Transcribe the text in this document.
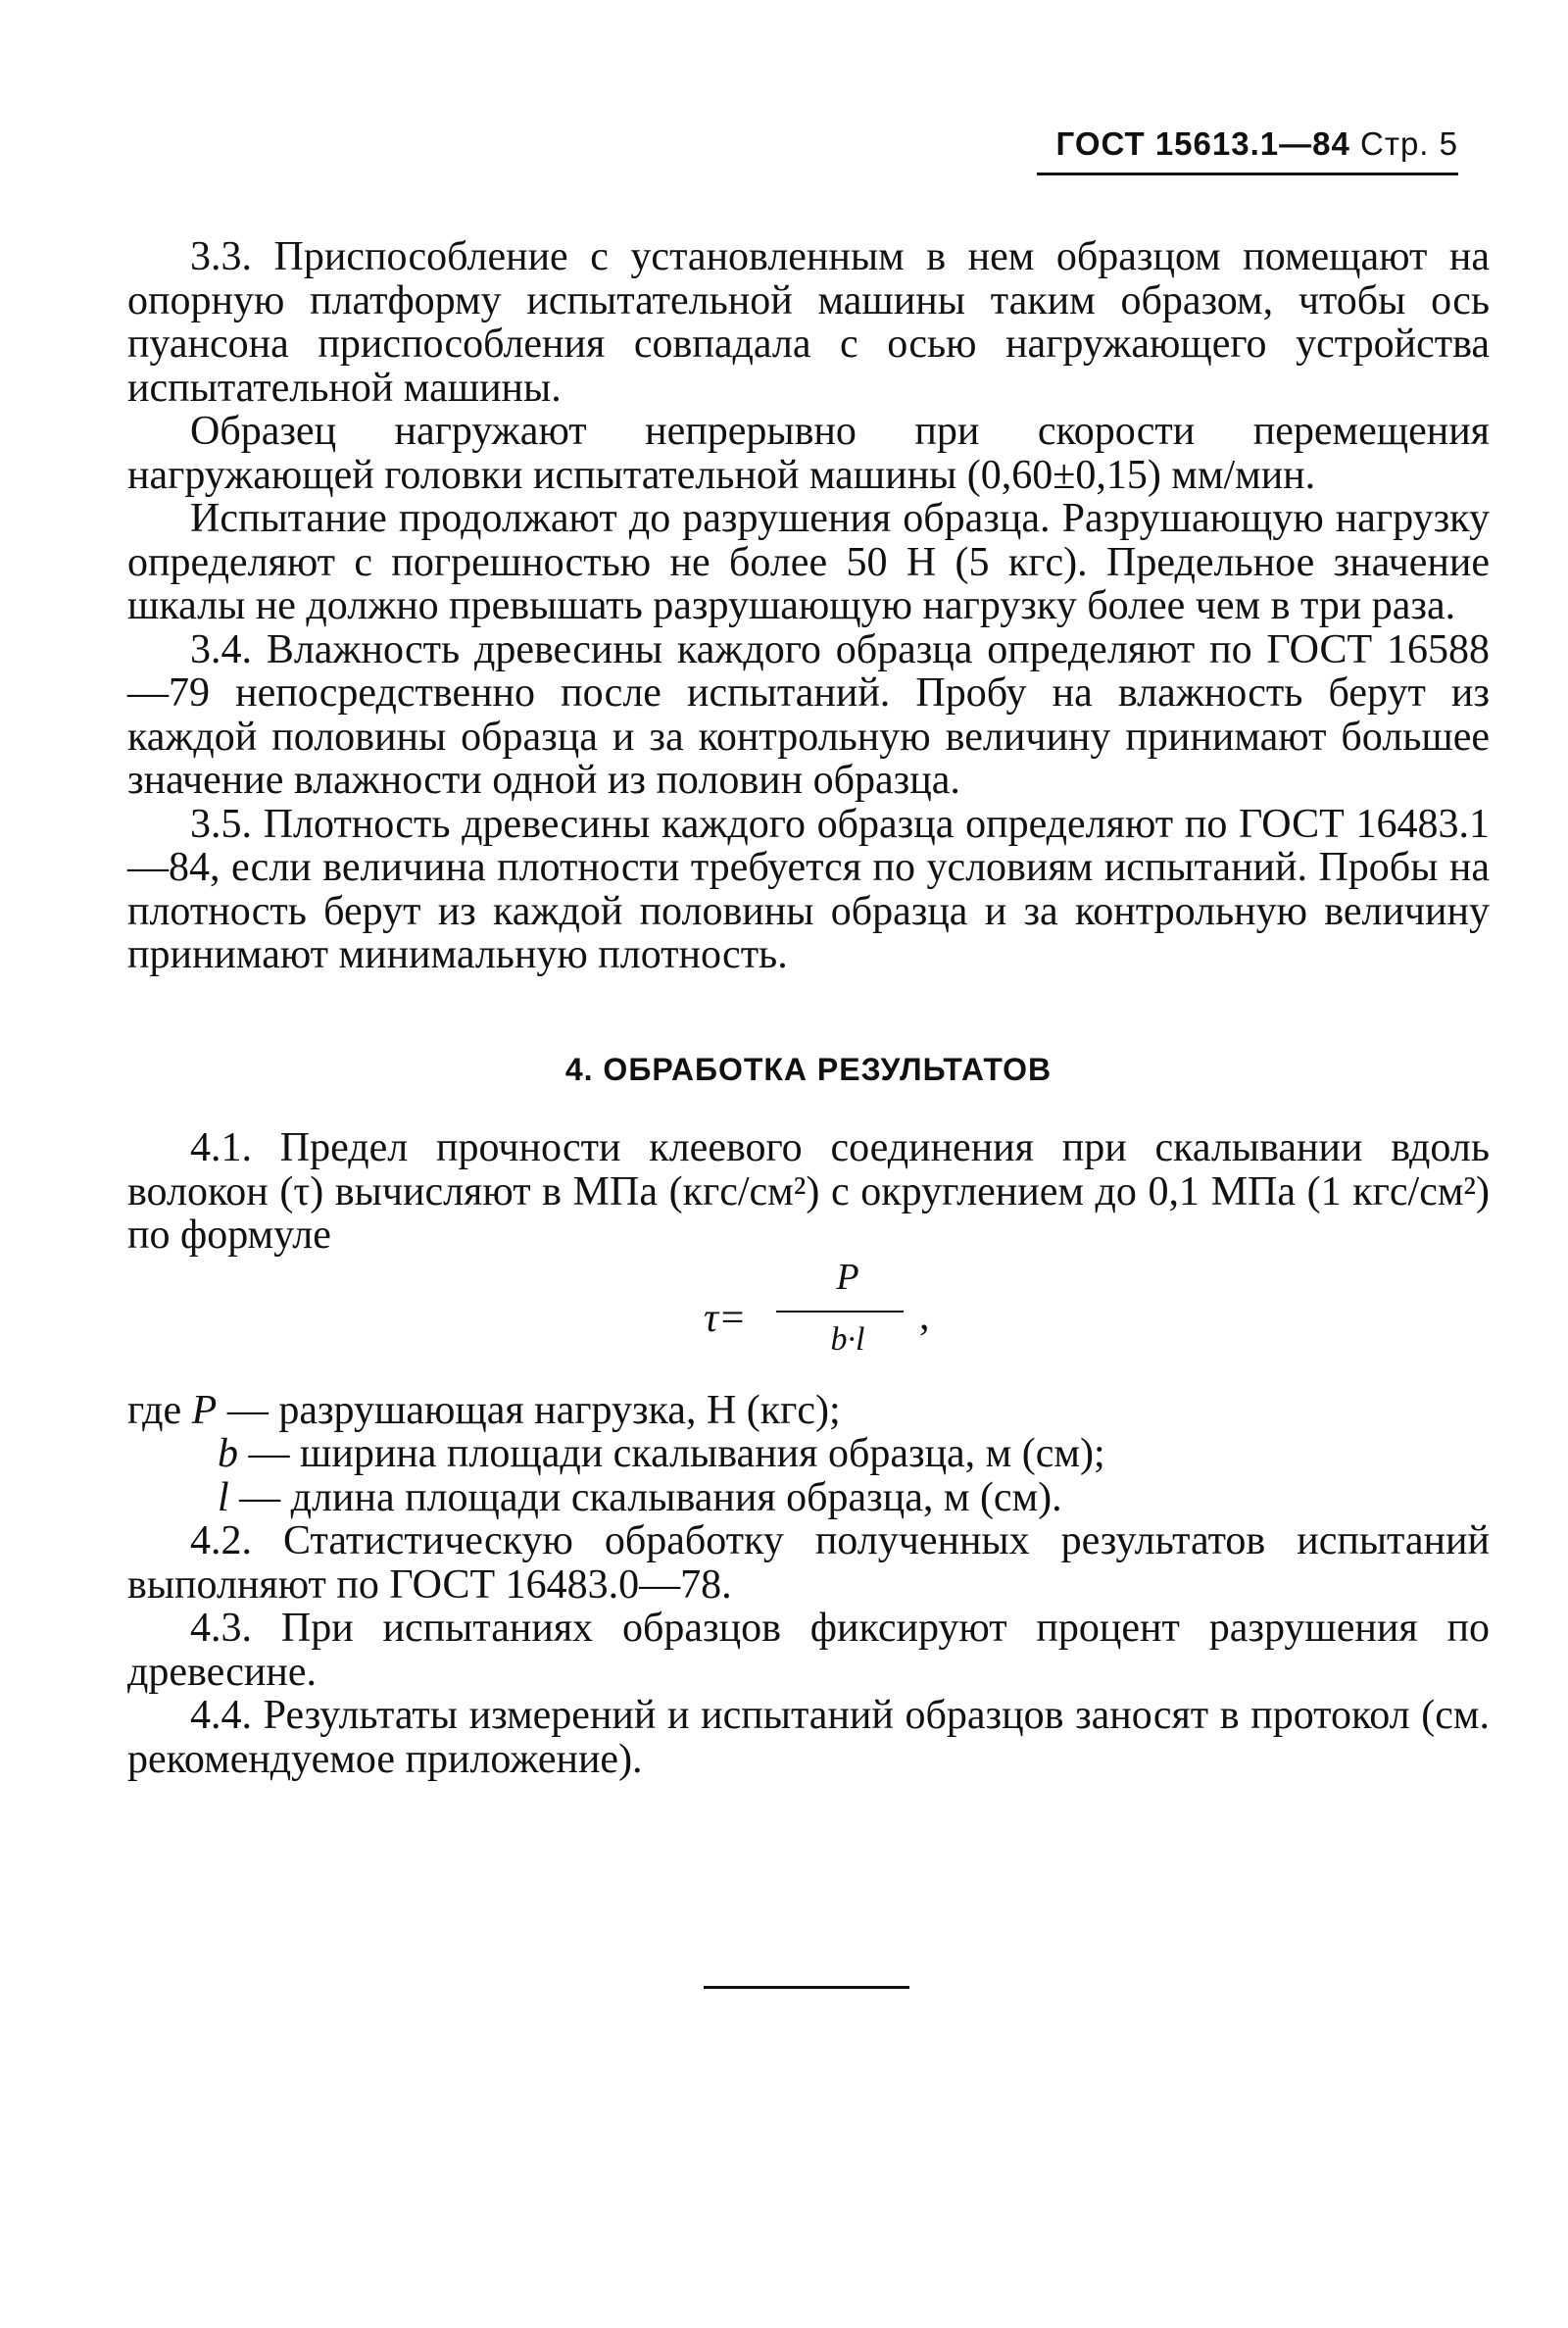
ГОСТ 15613.1—84 Стр. 5

3.3. Приспособление с установленным в нем образцом помещают на опорную платформу испытательной машины таким образом, чтобы ось пуансона приспособления совпадала с осью нагружающего устройства испытательной машины.

Образец нагружают непрерывно при скорости перемещения нагружающей головки испытательной машины (0,60±0,15) мм/мин.

Испытание продолжают до разрушения образца. Разрушающую нагрузку определяют с погрешностью не более 50 Н (5 кгс). Предельное значение шкалы не должно превышать разрушающую нагрузку более чем в три раза.

3.4. Влажность древесины каждого образца определяют по ГОСТ 16588—79 непосредственно после испытаний. Пробу на влажность берут из каждой половины образца и за контрольную величину принимают большее значение влажности одной из половин образца.

3.5. Плотность древесины каждого образца определяют по ГОСТ 16483.1—84, если величина плотности требуется по условиям испытаний. Пробы на плотность берут из каждой половины образца и за контрольную величину принимают минимальную плотность.

4. ОБРАБОТКА РЕЗУЛЬТАТОВ

4.1. Предел прочности клеевого соединения при скалывании вдоль волокон (τ) вычисляют в МПа (кгс/см²) с округлением до 0,1 МПа (1 кгс/см²) по формуле

τ=
P
b·l
,

где P — разрушающая нагрузка, Н (кгс);

b — ширина площади скалывания образца, м (см);

l — длина площади скалывания образца, м (см).

4.2. Статистическую обработку полученных результатов испытаний выполняют по ГОСТ 16483.0—78.

4.3. При испытаниях образцов фиксируют процент разрушения по древесине.

4.4. Результаты измерений и испытаний образцов заносят в протокол (см. рекомендуемое приложение).
